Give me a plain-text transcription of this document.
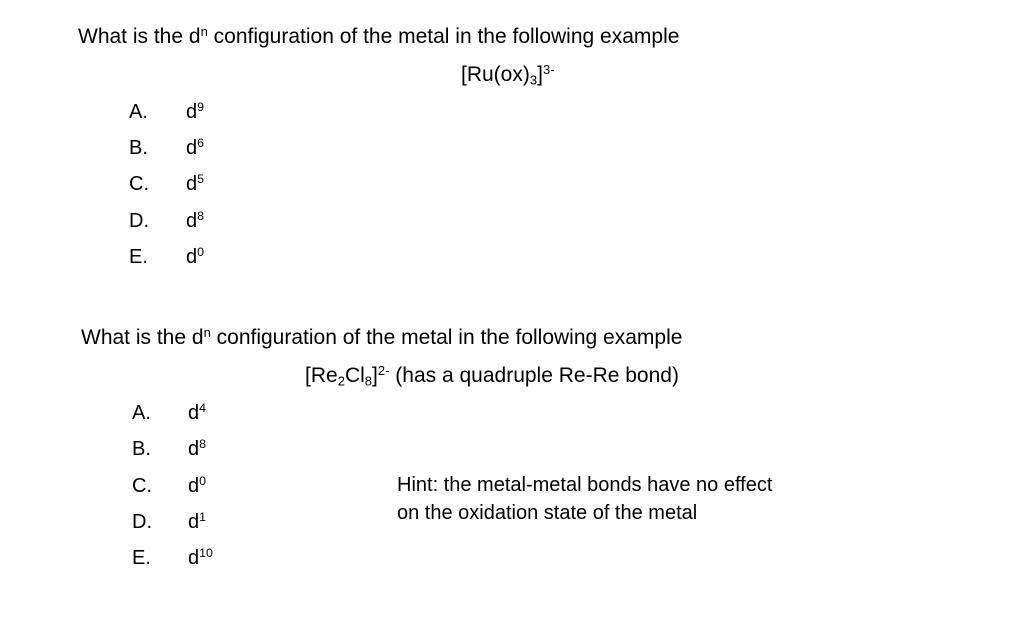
What is the $d^n$ configuration of the metal in the following example
$[Ru(ox)_3]^{3-}$
A. $d^9$
B. $d^6$
C. $d^5$
D. $d^8$
E. $d^0$
What is the $d^n$ configuration of the metal in the following example
$[Re_2Cl_8]^{2-}$ (has a quadruple Re-Re bond)
A. $d^4$
B. $d^8$
C. $d^0$
D. $d^1$
E. $d^{10}$
Hint: the metal-metal bonds have no effect
on the oxidation state of the metal
